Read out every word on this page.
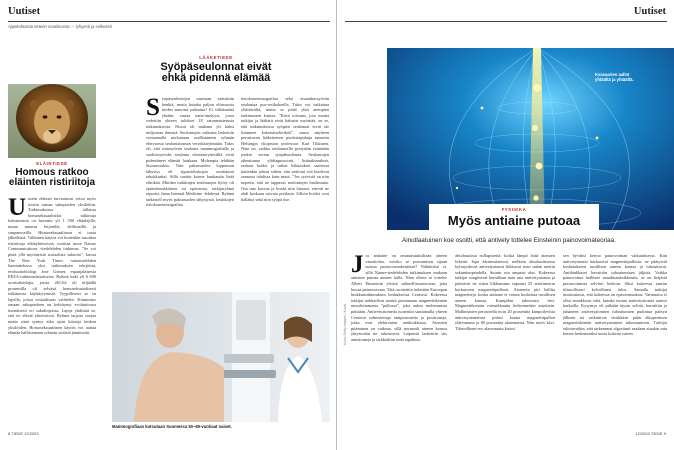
Uutiset
Ajankohtaista tieteen maailmasta — lyhyesti ja selkeästi
ELÄINTIEDE
Homous ratkoo
eläinten ristiriitoja
Uusein eläimet turvautuvat vetoa myös toisiin saman sukupuolen yksilöihin. Tutkimuksissa tällaisia homoseksuaalisiksi tulkittuja kohtaamisia on havaittu yli 1 500 eläinlajilla, muun muassa leijonilla, delfiineillä ja simpansseilla. Homoseksuaalisuus ei tuota jälkeläisiä. Tällainen käytös voi kuitenkin tasoittaa ristiriitoja eläinyhteisössä, osoittaa tuore Nature Communications -tiedelehden tutkimus. ”Se voi pitää yllä myönteisiä sosiaalisia suhteita”, kuvaa The New York Times -sanomalehden haastattelussa yksi tutkimuksen tekijöistä, evoluutiobiologi José Gómez espanjalaisesta EEZA-tutkimuslaitoksesta. Ryhmä tutki yli 6 600 sa-nisäkäslajia, joista 261:llä oli niljäällä prosentilla oli selvästi homoseksuaalisesti tulkittavaa käyttäytymistä. Tyypillisesti se on lajeilla, joissa sosiaalisuus vaihtelee. Kiinnostus omaan sukupuoleen on kehittynyt evoluutiossa itsenäisesti eri sukulinjoissa. Lajeja yhdistää se, että ne elävät yhteisöissä. Ryhmä tarjoaa suojaa mutta siinä syntyy aika ajoin kiistoja kesken yksilöiden. Homoseksuaalinen käytös voi auttaa elämää hallitsemaan ryhmän sisäisiä jännitteitä.
LÄÄKETIEDE
Syöpäseulonnat eivät
ehkä pidennä elämää
Syöpäseulontojen sanotaan säästävän henkiä, mutta kuinka paljon elinvuosia niiden ansiosta palautuu? Ei välttämättä yhtään, vastaa meta-analyysi, jossa vedettiin yhteen tulokset 18 satunnaistetusta tutkimuksesta. Niissä oli mukana yli kaksi miljoonaa ihmistä. Seulontojen vaikutus laskettiin vertaamalla seulontaan osallistuneen ryhmän elinvuosia seulontatonsan verrokkiryhmään. Tulos oli, että rintasyövän seulonta mammografialla ja suolistosyövän seulonta ulosteseryttestillä eivät pidentäneet elämää lainkaan. Molempia tehdään Suomessakin. Vain paksusuolen loppuosan tähystys eli sigmoidoskopia osoittautui tehokkaaksi. Sillä saatiin koime kuukautta lisää elinikää. Muiden tutkittujen seulontojen hyöty oli epätodennäköinen tai epävarma, tutkijaryhmä raportoi Jama Internal Medicine -lehdessä. Ryhmä tarkasteli myös paksusuolen tähystystä, keuhkojen tietokonetomografiaa
tietokonetomografiaa sekä eturauhassyövän seulontaa psa-verikokeella. Tulos voi vaikuttaa yllättävältä, mutta se pitää yhtä aiempien tutkimusten kanssa. ”Kävä toisiaan, jota monet tutkijat ja lääkärit eivät haluaisi myöntää, on se, että tutkimuksissa syöpien seulonnat eivät ole lisänneet kokonaiselinikää”, sanoo näytteen perustuvan lääketieteen puolestapuhuja tunnettu Helsingin yliopiston professori Kari Tikkinen. Näin on, vaikka seulonnoilla pystytään estämään jonkin verran syöpäkuolemia. Seulontojen aiheuttama ylidiagnosointi, lisätutkimukset, raskaat hoidot ja turhat leikkaukset saattavat kuitenkin johtaa siihen, että seulotut sitä kuolevat samassa tahdissa kuin muut. ”Jos syövistä on niin nopeita, että ne tappavat seulontojen huolimatta. Osa taas kasvaa ja leviää niin hitaasti, ettevät ne ehdi koskaan vaivata potilasta. Silloin hoidot ovat hallaksi sekä niin syöpä itse.
Mammografiaan kutsutaan Suomessa 50–69-vuotiaat naiset.
8 TIEDE 12/2023
Uutiset
Kvasaarien aallot
yhtäältä ja yhtäältä.
FYSIIKKA
Myös antiaine putoaa
Ainutlaatuinen koe osoitti, että antivety tottelee Einsteinin painovoimateoriaa.
Kuva: Getty Images / Kuvat
Jos antiaine on ominaisuuksiltaan aineen vastakohta, voisiko se putoamisen sijaan nousta painovoimakentässä? Nähtävästi ei, sillä Nature-tiedelehden tutkimuksen mukaan antiaine putoaa aineen lailla. Näin olleen se tottelee Albert Einsteinin yleistä suhteellisuusteoriaa, joka kuvaa painovoimaa. Tätä osoitettiin äskettäin Euroopan hiukkastutkimuksen keskuksessa Cernissä. Kokeessa tutkijat tarkkailivat atomit putoamaan magneettikentän muodostamassa ”pullossa”, joka aukea molemmista päistään. Antivetyatomeita tuotettiin saattamalla yhteen Cernissä valmistettuja antiprotoneita ja positroneja, jotka ovat elektronien antihiukkasia. Atomien pitäminen on vaikeaa, sillä normaali aineen kanssa yhtyessään ne tuhoutuvat. Laiputtia laskettiin siis antiatomeja ja tarkkailtiin mitä tapahtuu.
absoluuttista nollapistettä, koska lämpö lisää atomien liikettä. Jopa äärimmäisessä, melkein absoluuttisessa kylmyydessä antivetyatomit liikkuvat noin sadan metrin sekuntinopeudella. Suurin osa ampaisi alas. Kokeessa tutkijat vangitsivat kerrallaan noin sata antivetyatomia ja päästivät ne sitten liikkumaan vapaasti 25 senttimetrin korkuiseen magneettipulloon. Atomeita piti hallita magneetteja, koska antiaine ei voinut koskettaa tavallisen aineen kanssa. Kumpikin tuhoutuisi heti. Magneettikentän voimakkuutta heikennettiin asteittain. Mallintusten perusteella noin 20 prosenttia kimpoilevista antivetyatomeista pitäisi karata magneettipullon yläreunasta ja 80 prosenttia alareunasta. Niin myös kävi. Tilastollinen ero alareunasta katosi
sen hyväksi kertoo painovoiman vaikutuksesta. Kun antivetyatomit karkasivat magneettipullosta, ne päätyivät kosketukseen tavallisen aineen kanssa ja tuhoutuivat. Antihiukkaset havaittiin tuhoutumisen jäljistä. Vaikka painovoima hallitsee maailmankaikkeutta, se on heijästä perusvoimista selvästi heikoin. Siksi kokeessa saatiin tilastollisesti kelvollinen tulos. Samalla tutkijat muistuttavat, että kokeessa on epävarmuuksia. Varmuutta ei ollut ennakkoon siitä, kuinka monta antivetyatomia saattoi karkailla. Kysymys oli pitkään täysin selvää, havaittiin ja juhaneen antivetyatomien tuhoutumien pudottua pääsyn jälkeen tai vaikuttivat sivukkäisi pään alkuperäisen magneettikentän antivetyatomien tuhoutumisen. Tutkijat odottavatkin, että tarkemmat algoritmit saadaan ainakin sata kertaa herkemmiksi uusia kokeita varten.
12/2023 TIEDE 9
